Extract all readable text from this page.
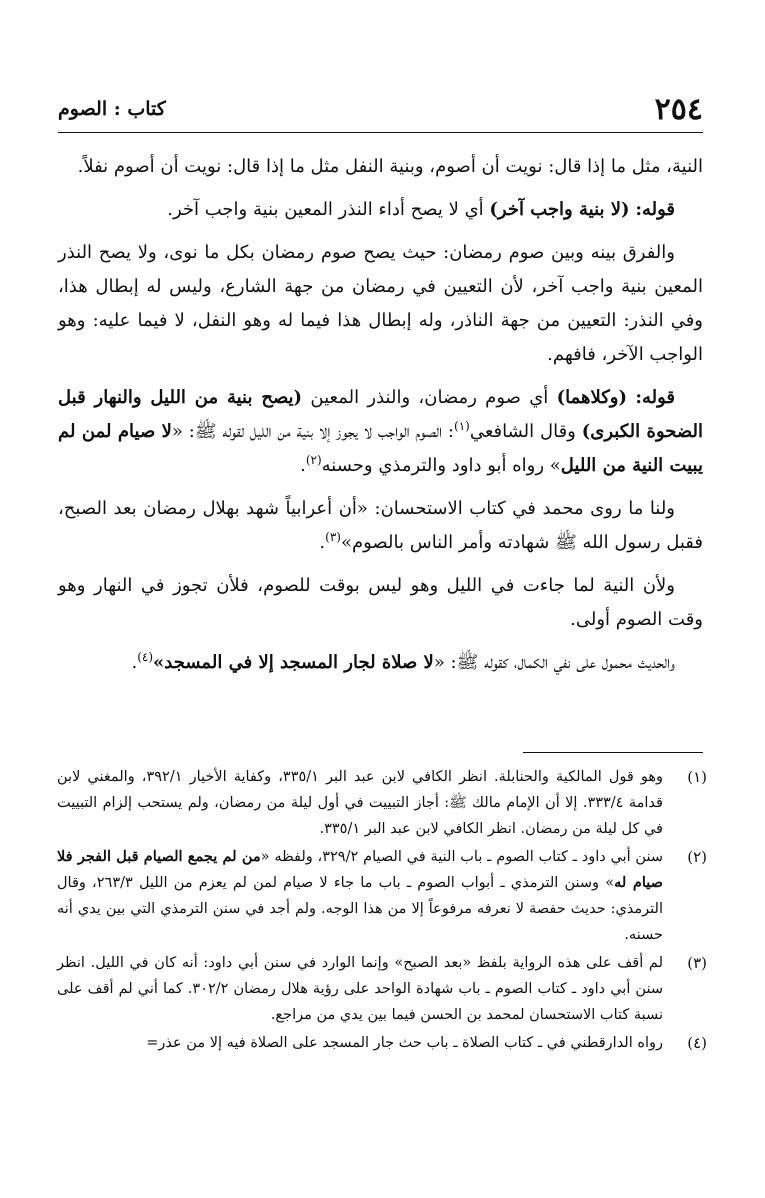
٢٥٤
كتاب : الصوم

النية، مثل ما إذا قال: نويت أن أصوم، وبنية النفل مثل ما إذا قال: نويت أن أصوم نفلاً.

قوله: (لا بنية واجب آخر) أي لا يصح أداء النذر المعين بنية واجب آخر.

والفرق بينه وبين صوم رمضان: حيث يصح صوم رمضان بكل ما نوى، ولا يصح النذر المعين بنية واجب آخر، لأن التعيين في رمضان من جهة الشارع، وليس له إبطال هذا، وفي النذر: التعيين من جهة الناذر، وله إبطال هذا فيما له وهو النفل، لا فيما عليه: وهو الواجب الآخر، فافهم.

قوله: (وكلاهما) أي صوم رمضان، والنذر المعين (يصح بنية من الليل والنهار قبل الضحوة الكبرى) وقال الشافعي$^{(١)}$: الصوم الواجب لا يجوز إلا بنية من الليل لقوله ﷺ: «لا صيام لمن لم يبيت النية من الليل» رواه أبو داود والترمذي وحسنه$^{(٢)}$.

ولنا ما روى محمد في كتاب الاستحسان: «أن أعرابياً شهد بهلال رمضان بعد الصبح، فقبل رسول الله ﷺ شهادته وأمر الناس بالصوم»$^{(٣)}$.

ولأن النية لما جاءت في الليل وهو ليس بوقت للصوم، فلأن تجوز في النهار وهو وقت الصوم أولى.

والحديث محمول على نفي الكمال، كقوله ﷺ: «لا صلاة لجار المسجد إلا في المسجد»$^{(٤)}$.

(١)
وهو قول المالكية والحنابلة. انظر الكافي لابن عبد البر ٣٣٥/١، وكفاية الأخيار ٣٩٢/١، والمغني لابن قدامة ٣٣٣/٤. إلا أن الإمام مالك ﷺ: أجاز التبييت في أول ليلة من رمضان، ولم يستحب إلزام التبييت في كل ليلة من رمضان. انظر الكافي لابن عبد البر ٣٣٥/١.
(٢)
سنن أبي داود ـ كتاب الصوم ـ باب النية في الصيام ٣٢٩/٢، ولفظه «من لم يجمع الصيام قبل الفجر فلا صيام له» وسنن الترمذي ـ أبواب الصوم ـ باب ما جاء لا صيام لمن لم يعزم من الليل ٢٦٣/٣، وقال الترمذي: حديث حفصة لا نعرفه مرفوعاً إلا من هذا الوجه. ولم أجد في سنن الترمذي التي بين يدي أنه حسنه.
(٣)
لم أقف على هذه الرواية بلفظ «بعد الصبح» وإنما الوارد في سنن أبي داود: أنه كان في الليل. انظر سنن أبي داود ـ كتاب الصوم ـ باب شهادة الواحد على رؤية هلال رمضان ٣٠٢/٢. كما أني لم أقف على نسبة كتاب الاستحسان لمحمد بن الحسن فيما بين يدي من مراجع.
(٤)
رواه الدارقطني في ـ كتاب الصلاة ـ باب حث جار المسجد على الصلاة فيه إلا من عذر=
